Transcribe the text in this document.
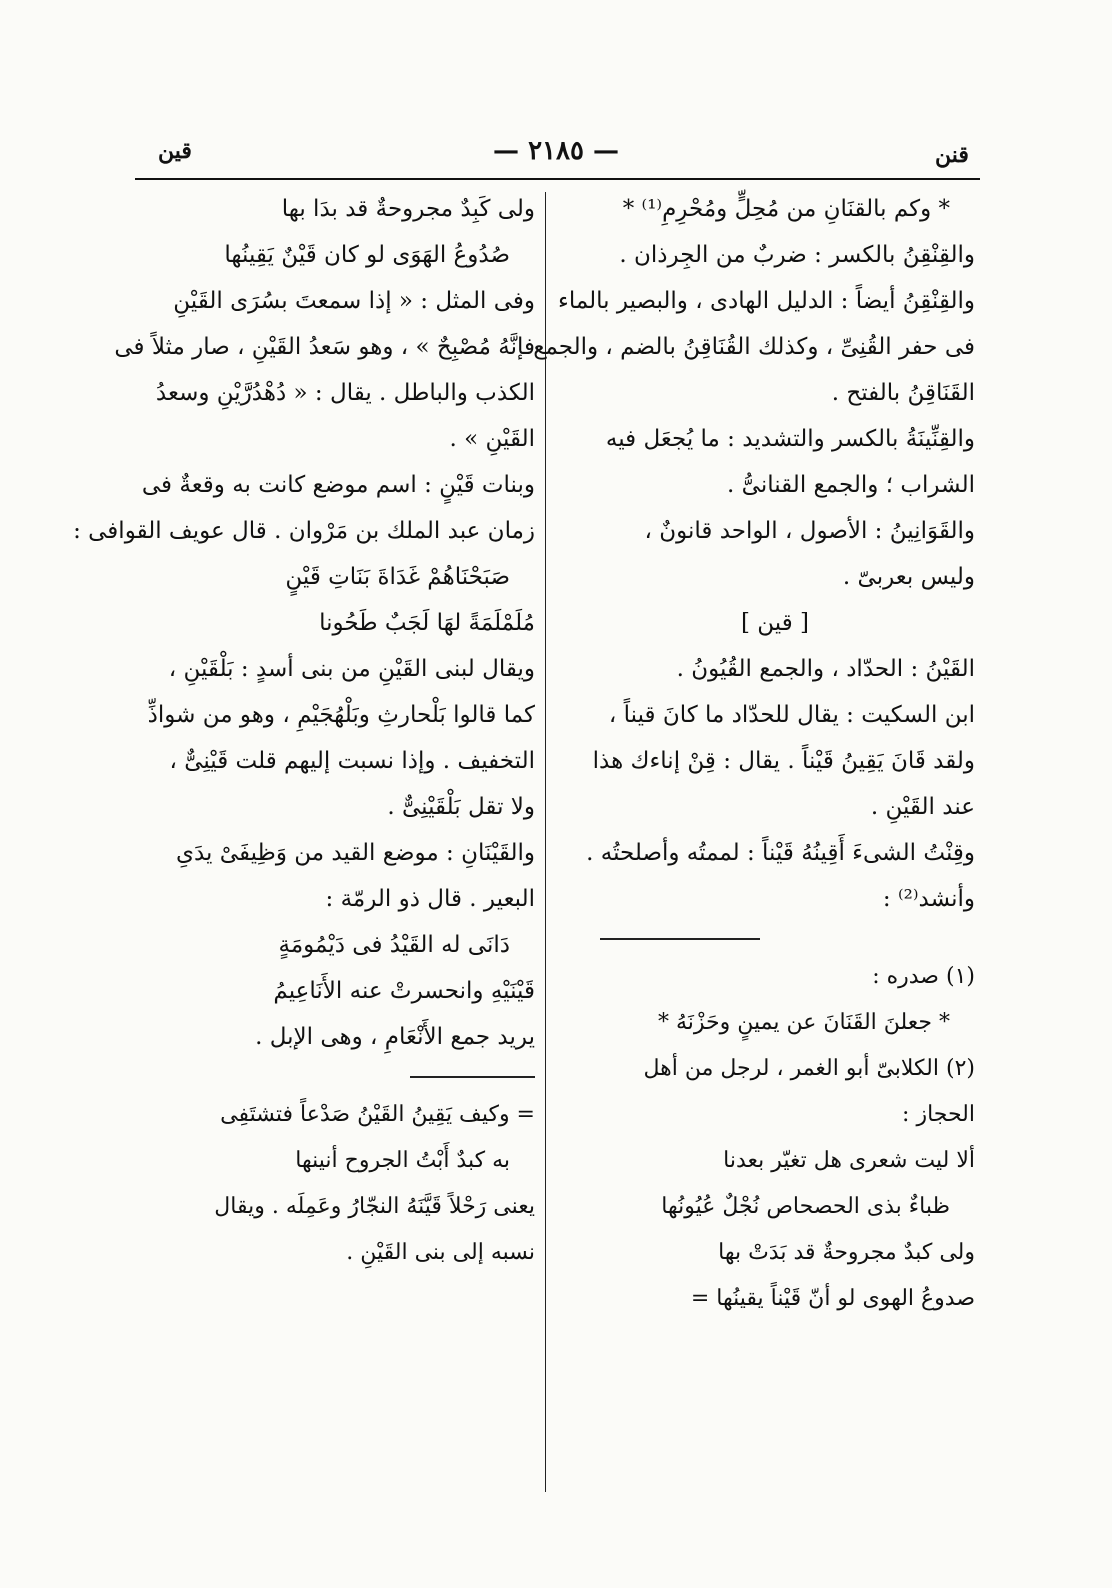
قين	— ٢١٨٥ —	قنن
* وكم بالقنَانِ من مُحِلٍّ ومُحْرِمِ⁽¹⁾ *
والقِنْقِنُ بالكسر : ضربٌ من الجِرذان .
والقِنْقِنُ أيضاً : الدليل الهادى ، والبصير بالماء
فى حفر القُنِىِّ ، وكذلك القُنَاقِنُ بالضم ، والجمع
القَنَاقِنُ بالفتح .
والقِنِّينَةُ بالكسر والتشديد : ما يُجعَل فيه
الشراب ؛ والجمع القنانىُّ .
والقَوَانِينُ : الأصول ، الواحد قانونٌ ،
وليس بعربىّ .
[ قين ]
القَيْنُ : الحدّاد ، والجمع القُيُونُ .
ابن السكيت : يقال للحدّاد ما كانَ قيناً ،
ولقد قَانَ يَقِينُ قَيْناً . يقال : قِنْ إناءك هذا
عند القَيْنِ .
وقِنْتُ الشىءَ أَقِينُهُ قَيْناً : لممتُه وأصلحتُه .
وأنشد⁽²⁾ :
(١) صدره :
* جعلنَ القَنَانَ عن يمينٍ وحَزْنَهُ *
(٢) الكلابىّ أبو الغمر ، لرجل من أهل
الحجاز :
ألا ليت شعرى هل تغيّر بعدنا
ظباءٌ بذى الحصحاص نُجْلٌ عُيُونُها
ولى كبدٌ مجروحةٌ قد بَدَتْ بها
صدوعُ الهوى لو أنّ قَيْناً يقينُها =
ولى كَبِدٌ مجروحةٌ قد بدَا بها
صُدُوعُ الهَوَى لو كان قَيْنٌ يَقِينُها
وفى المثل : « إذا سمعتَ بسُرَى القَيْنِ
فإنَّهُ مُصْبِحٌ » ، وهو سَعدُ القَيْنِ ، صار مثلاً فى
الكذب والباطل . يقال : « دُهْدُرَّيْنِ وسعدُ
القَيْنِ » .
وبنات قَيْنٍ : اسم موضع كانت به وقعةٌ فى
زمان عبد الملك بن مَرْوان . قال عويف القوافى :
صَبَحْنَاهُمْ غَدَاةَ بَنَاتِ قَيْنٍ
مُلَمْلَمَةً لهَا لَجَبٌ طَحُونا
ويقال لبنى القَيْنِ من بنى أسدٍ : بَلْقَيْنِ ،
كما قالوا بَلْحارثِ وبَلْهُجَيْمِ ، وهو من شواذِّ
التخفيف . وإذا نسبت إليهم قلت قَيْنِىٌّ ،
ولا تقل بَلْقَيْنِىٌّ .
والقَيْنَانِ : موضع القيد من وَظِيفَىْ يدَىِ
البعير . قال ذو الرمّة :
دَانَى له القَيْدُ فى دَيْمُومَةٍ
قَيْنَيْهِ وانحسرتْ عنه الأَنَاعِيمُ
يريد جمع الأَنْعَامِ ، وهى الإبل .
= وكيف يَقِينُ القَيْنُ صَدْعاً فتشتَفِى
به كبدٌ أَبْتُ الجروح أنينها
يعنى رَحْلاً قَيَّنَهُ النجّارُ وعَمِلَه . ويقال
نسبه إلى بنى القَيْنِ .
